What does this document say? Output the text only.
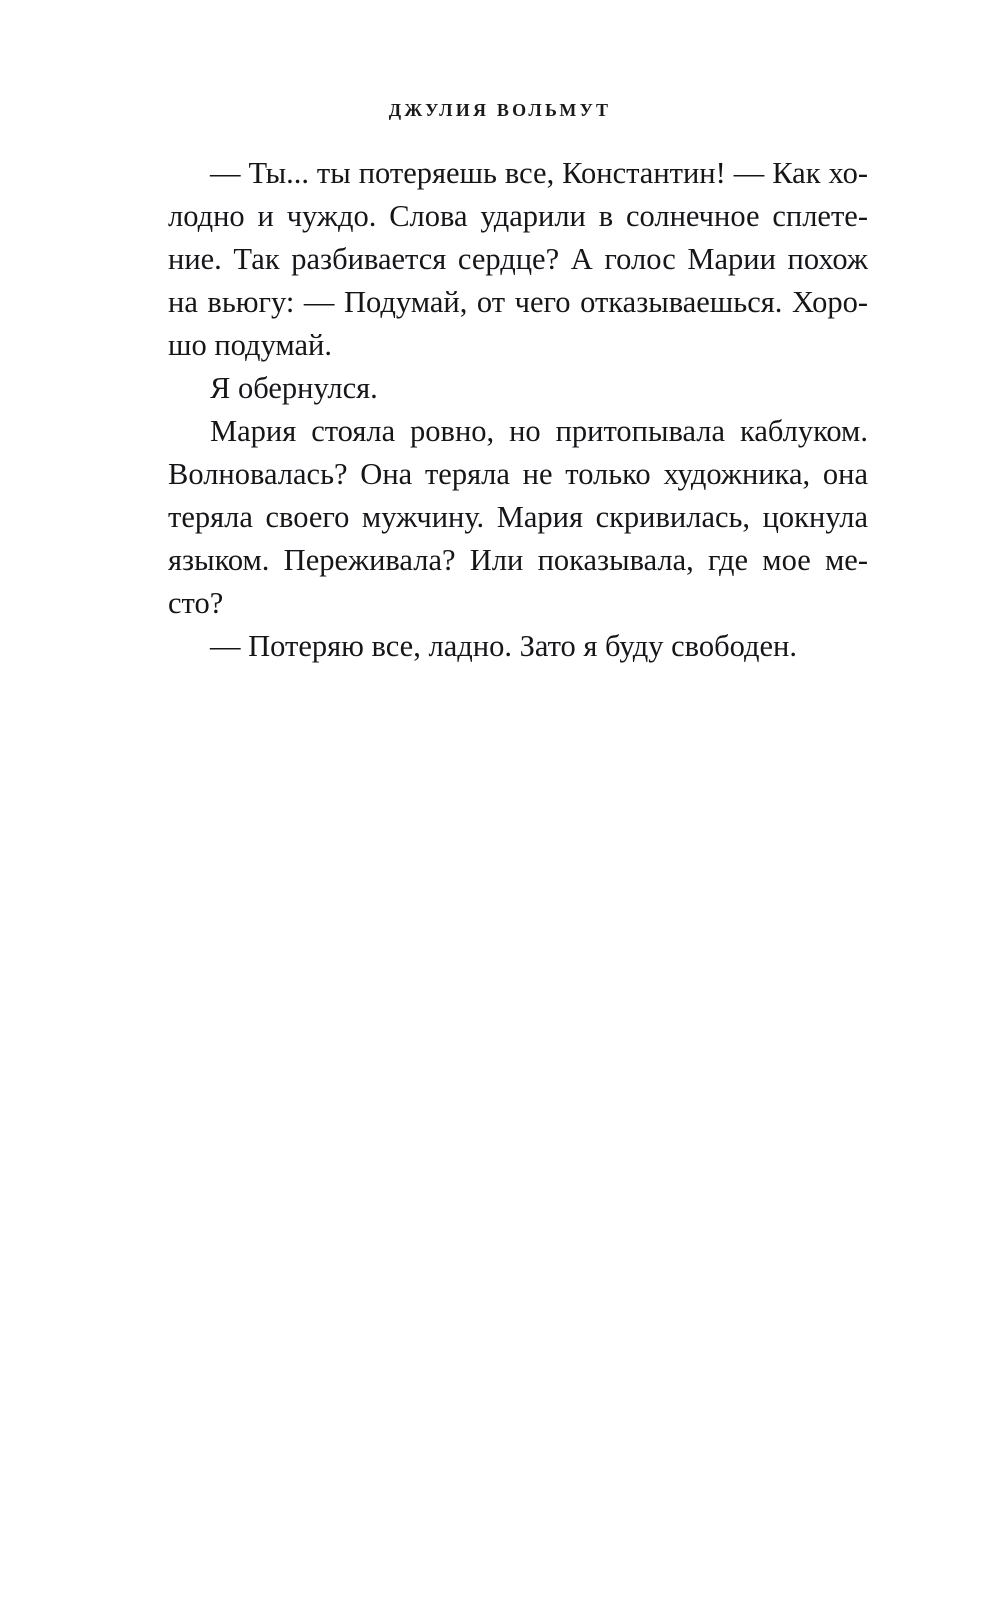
ДЖУЛИЯ ВОЛЬМУТ

— Ты... ты потеряешь все, Константин! — Как холодно и чуждо. Слова ударили в солнечное сплетение. Так разбивается сердце? А голос Марии похож на вьюгу: — Подумай, от чего отказываешься. Хорошо подумай.

Я обернулся.

Мария стояла ровно, но притопывала каблуком. Волновалась? Она теряла не только художника, она теряла своего мужчину. Мария скривилась, цокнула языком. Переживала? Или показывала, где мое место?

— Потеряю все, ладно. Зато я буду свободен.
